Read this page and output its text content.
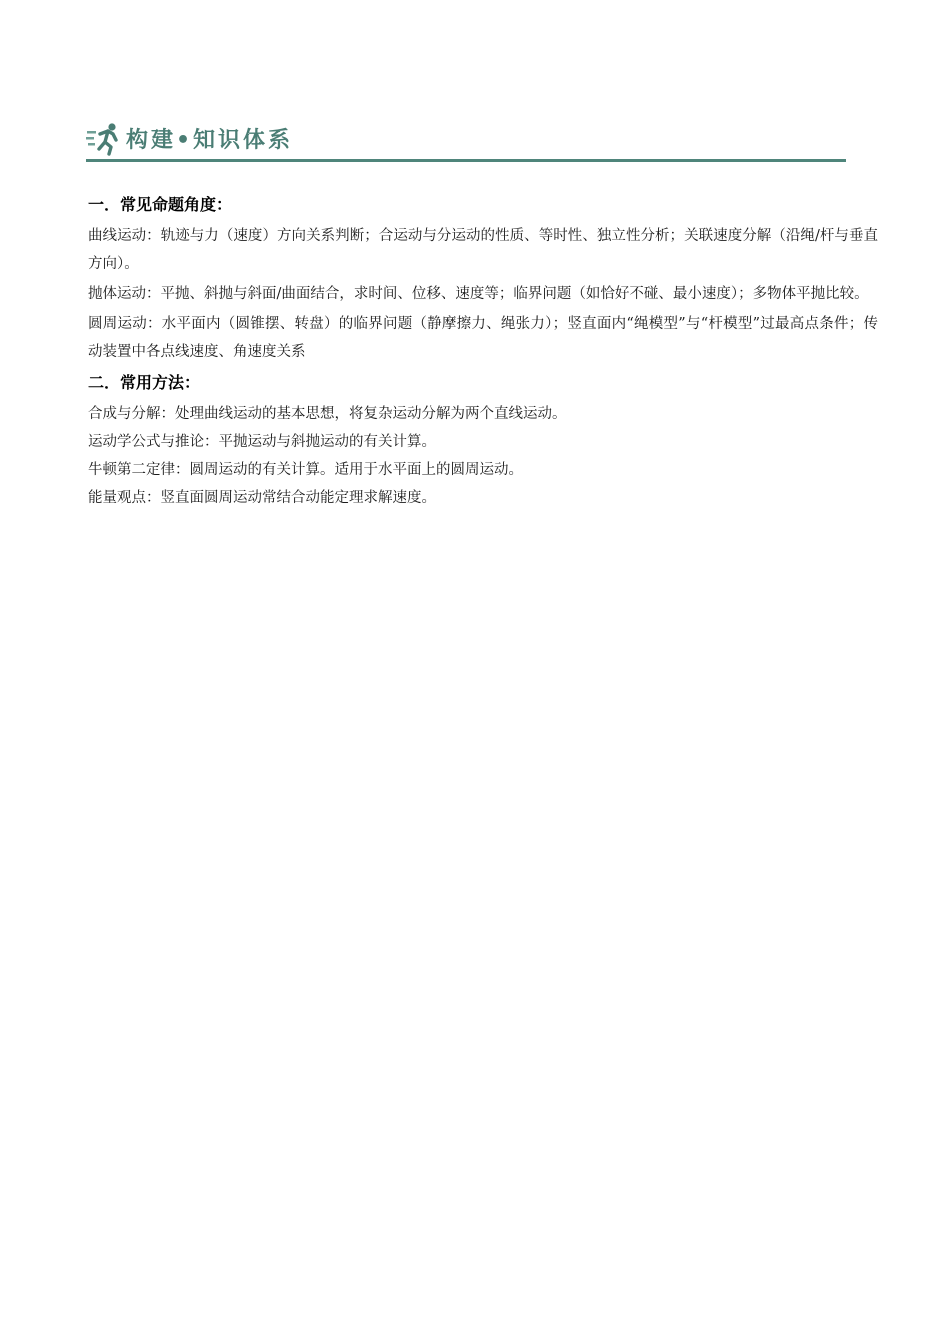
构建•知识体系

一．常见命题角度：

曲线运动：轨迹与力（速度）方向关系判断；合运动与分运动的性质、等时性、独立性分析；关联速度分解（沿绳/杆与垂直方向）。

抛体运动：平抛、斜抛与斜面/曲面结合，求时间、位移、速度等；临界问题（如恰好不碰、最小速度）；多物体平抛比较。

圆周运动：水平面内（圆锥摆、转盘）的临界问题（静摩擦力、绳张力）；竖直面内“绳模型”与“杆模型”过最高点条件；传动装置中各点线速度、角速度关系

二．常用方法：

合成与分解：处理曲线运动的基本思想，将复杂运动分解为两个直线运动。

运动学公式与推论：平抛运动与斜抛运动的有关计算。

牛顿第二定律：圆周运动的有关计算。适用于水平面上的圆周运动。

能量观点：竖直面圆周运动常结合动能定理求解速度。
